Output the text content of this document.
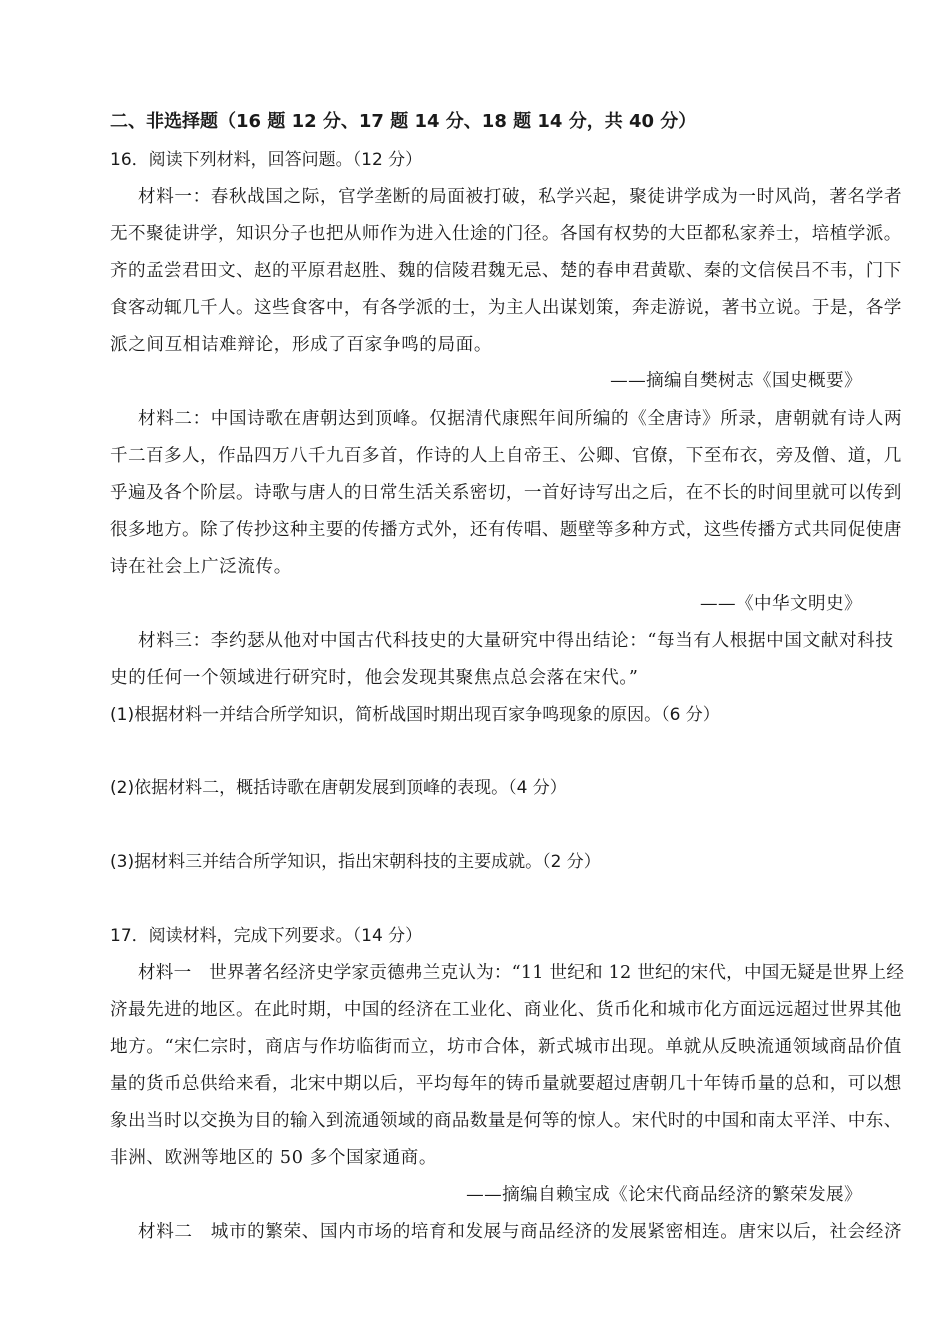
二、非选择题（16 题 12 分、17 题 14 分、18 题 14 分，共 40 分）
16．阅读下列材料，回答问题。（12 分）
材料一：春秋战国之际，官学垄断的局面被打破，私学兴起，聚徒讲学成为一时风尚，著名学者
无不聚徒讲学，知识分子也把从师作为进入仕途的门径。各国有权势的大臣都私家养士，培植学派。
齐的孟尝君田文、赵的平原君赵胜、魏的信陵君魏无忌、楚的春申君黄歇、秦的文信侯吕不韦，门下
食客动辄几千人。这些食客中，有各学派的士，为主人出谋划策，奔走游说，著书立说。于是，各学
派之间互相诘难辩论，形成了百家争鸣的局面。
——摘编自樊树志《国史概要》
材料二：中国诗歌在唐朝达到顶峰。仅据清代康熙年间所编的《全唐诗》所录，唐朝就有诗人两
千二百多人，作品四万八千九百多首，作诗的人上自帝王、公卿、官僚，下至布衣，旁及僧、道，几
乎遍及各个阶层。诗歌与唐人的日常生活关系密切，一首好诗写出之后，在不长的时间里就可以传到
很多地方。除了传抄这种主要的传播方式外，还有传唱、题壁等多种方式，这些传播方式共同促使唐
诗在社会上广泛流传。
——《中华文明史》
材料三：李约瑟从他对中国古代科技史的大量研究中得出结论：“每当有人根据中国文献对科技
史的任何一个领域进行研究时，他会发现其聚焦点总会落在宋代。”
(1)根据材料一并结合所学知识，简析战国时期出现百家争鸣现象的原因。（6 分）
(2)依据材料二，概括诗歌在唐朝发展到顶峰的表现。（4 分）
(3)据材料三并结合所学知识，指出宋朝科技的主要成就。（2 分）
17．阅读材料，完成下列要求。（14 分）
材料一　世界著名经济史学家贡德弗兰克认为：“11 世纪和 12 世纪的宋代，中国无疑是世界上经
济最先进的地区。在此时期，中国的经济在工业化、商业化、货币化和城市化方面远远超过世界其他
地方。“宋仁宗时，商店与作坊临街而立，坊市合体，新式城市出现。单就从反映流通领域商品价值
量的货币总供给来看，北宋中期以后，平均每年的铸币量就要超过唐朝几十年铸币量的总和，可以想
象出当时以交换为目的输入到流通领域的商品数量是何等的惊人。宋代时的中国和南太平洋、中东、
非洲、欧洲等地区的 50 多个国家通商。
——摘编自赖宝成《论宋代商品经济的繁荣发展》
材料二　城市的繁荣、国内市场的培育和发展与商品经济的发展紧密相连。唐宋以后，社会经济
